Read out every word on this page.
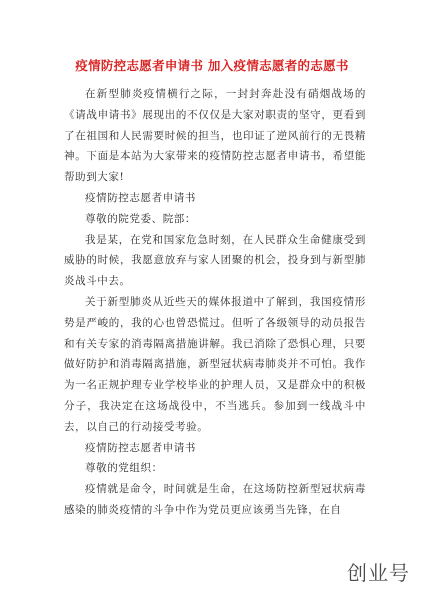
疫情防控志愿者申请书 加入疫情志愿者的志愿书

在新型肺炎疫情横行之际，一封封奔赴没有硝烟战场的《请战申请书》展现出的不仅仅是大家对职责的坚守，更看到了在祖国和人民需要时候的担当，也印证了逆风前行的无畏精神。下面是本站为大家带来的疫情防控志愿者申请书，希望能帮助到大家!

疫情防控志愿者申请书

尊敬的院党委、院部：

我是某，在党和国家危急时刻，在人民群众生命健康受到威胁的时候，我愿意放弃与家人团聚的机会，投身到与新型肺炎战斗中去。

关于新型肺炎从近些天的媒体报道中了解到，我国疫情形势是严峻的，我的心也曾恐慌过。但听了各级领导的动员报告和有关专家的消毒隔离措施讲解。我已消除了恐惧心理，只要做好防护和消毒隔离措施，新型冠状病毒肺炎并不可怕。我作为一名正规护理专业学校毕业的护理人员，又是群众中的积极分子，我决定在这场战役中，不当逃兵。参加到一线战斗中去，以自己的行动接受考验。

疫情防控志愿者申请书

尊敬的党组织：

疫情就是命令，时间就是生命，在这场防控新型冠状病毒感染的肺炎疫情的斗争中作为党员更应该勇当先锋，在自

创业号
